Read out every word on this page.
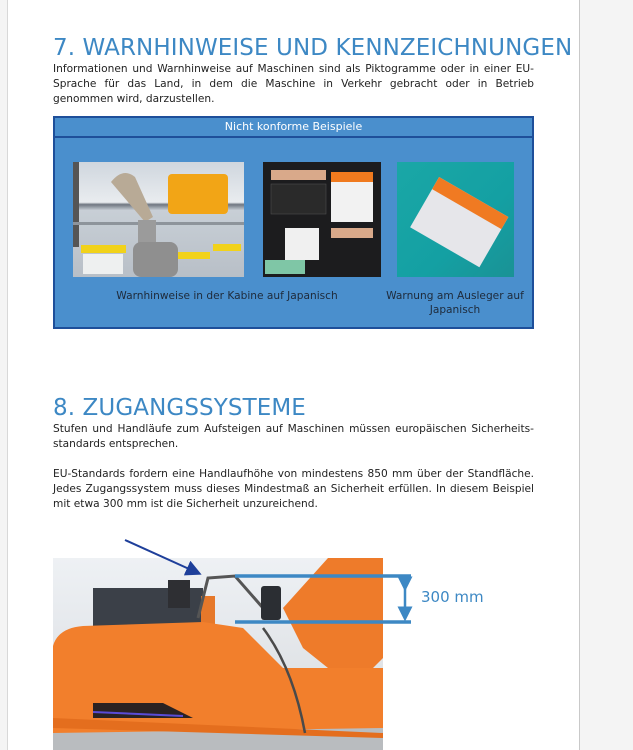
7. WARNHINWEISE UND KENNZEICHNUNGEN

Informationen und Warnhinweise auf Maschinen sind als Piktogramme oder in einer EU-Sprache für das Land, in dem die Maschine in Verkehr gebracht oder in Betrieb genommen wird, darzustellen.

Nicht konforme Beispiele
Warnhinweise in der Kabine auf Japanisch	Warnung am Ausleger auf Japanisch
8. ZUGANGSSYSTEME

Stufen und Handläufe zum Aufsteigen auf Maschinen müssen europäischen Sicherheitsstandards entsprechen.

EU-Standards fordern eine Handlaufhöhe von mindestens 850 mm über der Standfläche. Jedes Zugangssystem muss dieses Mindestmaß an Sicherheit erfüllen. In diesem Beispiel mit etwa 300 mm ist die Sicherheit unzureichend.

300 mm
